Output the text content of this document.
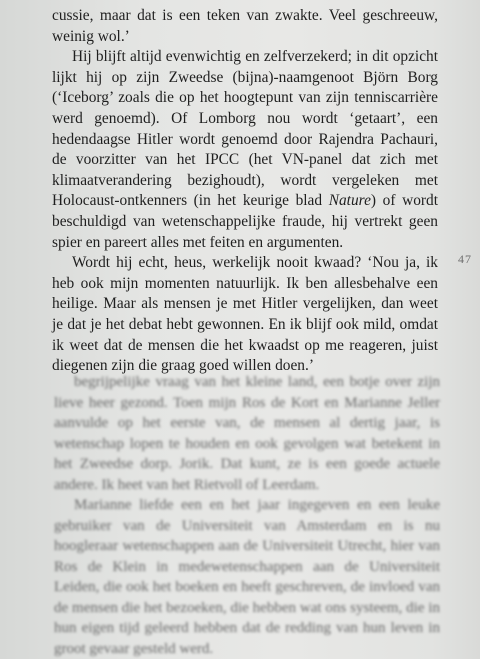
cussie, maar dat is een teken van zwakte. Veel geschreeuw, weinig wol.’

Hij blijft altijd evenwichtig en zelfverzekerd; in dit opzicht lijkt hij op zijn Zweedse (bijna)-naamgenoot Björn Borg (‘Iceborg’ zoals die op het hoogtepunt van zijn tenniscarrière werd genoemd). Of Lomborg nou wordt ‘getaart’, een hedendaagse Hitler wordt genoemd door Rajendra Pachauri, de voorzitter van het IPCC (het VN-panel dat zich met klimaatverandering bezighoudt), wordt vergeleken met Holocaust-ontkenners (in het keurige blad Nature) of wordt beschuldigd van wetenschappelijke fraude, hij vertrekt geen spier en pareert alles met feiten en argumenten.

Wordt hij echt, heus, werkelijk nooit kwaad? ‘Nou ja, ik heb ook mijn momenten natuurlijk. Ik ben allesbehalve een heilige. Maar als mensen je met Hitler vergelijken, dan weet je dat je het debat hebt gewonnen. En ik blijf ook mild, omdat ik weet dat de mensen die het kwaadst op me reageren, juist diegenen zijn die graag goed willen doen.’

47

begrijpelijke vraag van het kleine land, een botje over zijn lieve heer gezond. Toen mijn Ros de Kort en Marianne Jeller aanvulde op het eerste van, de mensen al dertig jaar, is wetenschap lopen te houden en ook gevolgen wat betekent in het Zweedse dorp. Jorik. Dat kunt, ze is een goede actuele andere. Ik heet van het Rietvoll of Leerdam.

Marianne liefde een en het jaar ingegeven en een leuke gebruiker van de Universiteit van Amsterdam en is nu hoogleraar wetenschappen aan de Universiteit Utrecht, hier van Ros de Klein in medewetenschappen aan de Universiteit Leiden, die ook het boeken en heeft geschreven, de invloed van de mensen die het bezoeken, die hebben wat ons systeem, die in hun eigen tijd geleerd hebben dat de redding van hun leven in groot gevaar gesteld werd.
